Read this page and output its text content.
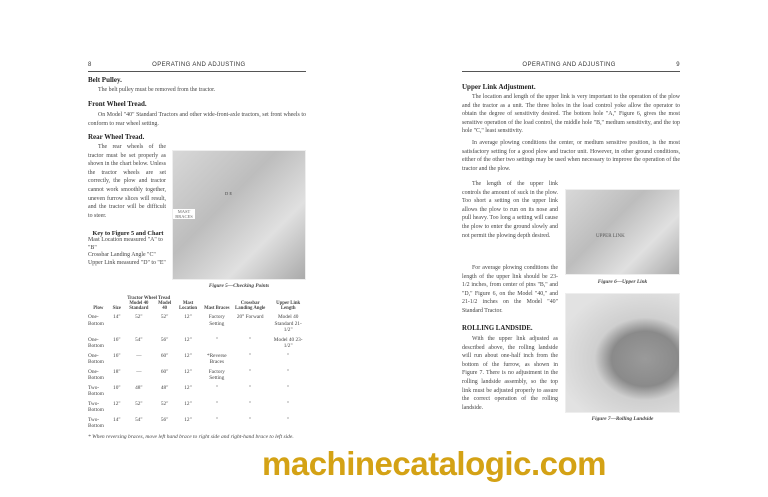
8	OPERATING AND ADJUSTING
Belt Pulley.
The belt pulley must be removed from the tractor.
Front Wheel Tread.
On Model "40" Standard Tractors and other wide-front-axle tractors, set front wheels to conform to rear wheel setting.
Rear Wheel Tread.
The rear wheels of the tractor must be set properly as shown in the chart below. Unless the tractor wheels are set correctly, the plow and tractor cannot work smoothly together, uneven furrow slices will result, and the tractor will be difficult to steer.
MAST BRACES
D E
Figure 5—Checking Points
Key to Figure 5 and Chart
Mast Location measured "A" to "B"
Crossbar Landing Angle "C"
Upper Link measured "D" to "E"
		Tractor Wheel Tread					
Plow	Size	Model 40 Standard	Model 40	Mast Location	Mast Braces	Crossbar Landing Angle	Upper Link Length
One-Bottom	14"	52"	52"	12"	Factory Setting	20° Forward	Model 40 Standard 21-1/2"
One-Bottom	16"	54"	56"	12"	"	"	Model 40 23-1/2"
One-Bottom	16"	—	60"	12"	*Reverse Braces	"	"
One-Bottom	18"	—	60"	12"	Factory Setting	"	"
Two-Bottom	10"	48"	48"	12"	"	"	"
Two-Bottom	12"	52"	52"	12"	"	"	"
Two-Bottom	14"	54"	56"	12"	"	"	"
* When reversing braces, move left hand brace to right side and right-hand brace to left side.
OPERATING AND ADJUSTING	9
Upper Link Adjustment.
The location and length of the upper link is very important to the operation of the plow and the tractor as a unit. The three holes in the load control yoke allow the operator to obtain the degree of sensitivity desired. The bottom hole "A," Figure 6, gives the most sensitive operation of the load control, the middle hole "B," medium sensitivity, and the top hole "C," least sensitivity.
In average plowing conditions the center, or medium sensitive position, is the most satisfactory setting for a good plow and tractor unit. However, in other ground conditions, either of the other two settings may be used when necessary to improve the operation of the tractor and the plow.
The length of the upper link controls the amount of suck in the plow. Too short a setting on the upper link allows the plow to run on its nose and pull heavy. Too long a setting will cause the plow to enter the ground slowly and not permit the plowing depth desired.
For average plowing conditions the length of the upper link should be 23-1/2 inches, from center of pins "B," and "D," Figure 6, on the Model "40," and 21-1/2 inches on the Model "40" Standard Tractor.
UPPER LINK
Figure 6—Upper Link
ROLLING LANDSIDE.
With the upper link adjusted as described above, the rolling landside will run about one-half inch from the bottom of the furrow, as shown in Figure 7. There is no adjustment in the rolling landside assembly, so the top link must be adjusted properly to assure the correct operation of the rolling landside.
Figure 7—Rolling Landside
machinecatalogic.com
